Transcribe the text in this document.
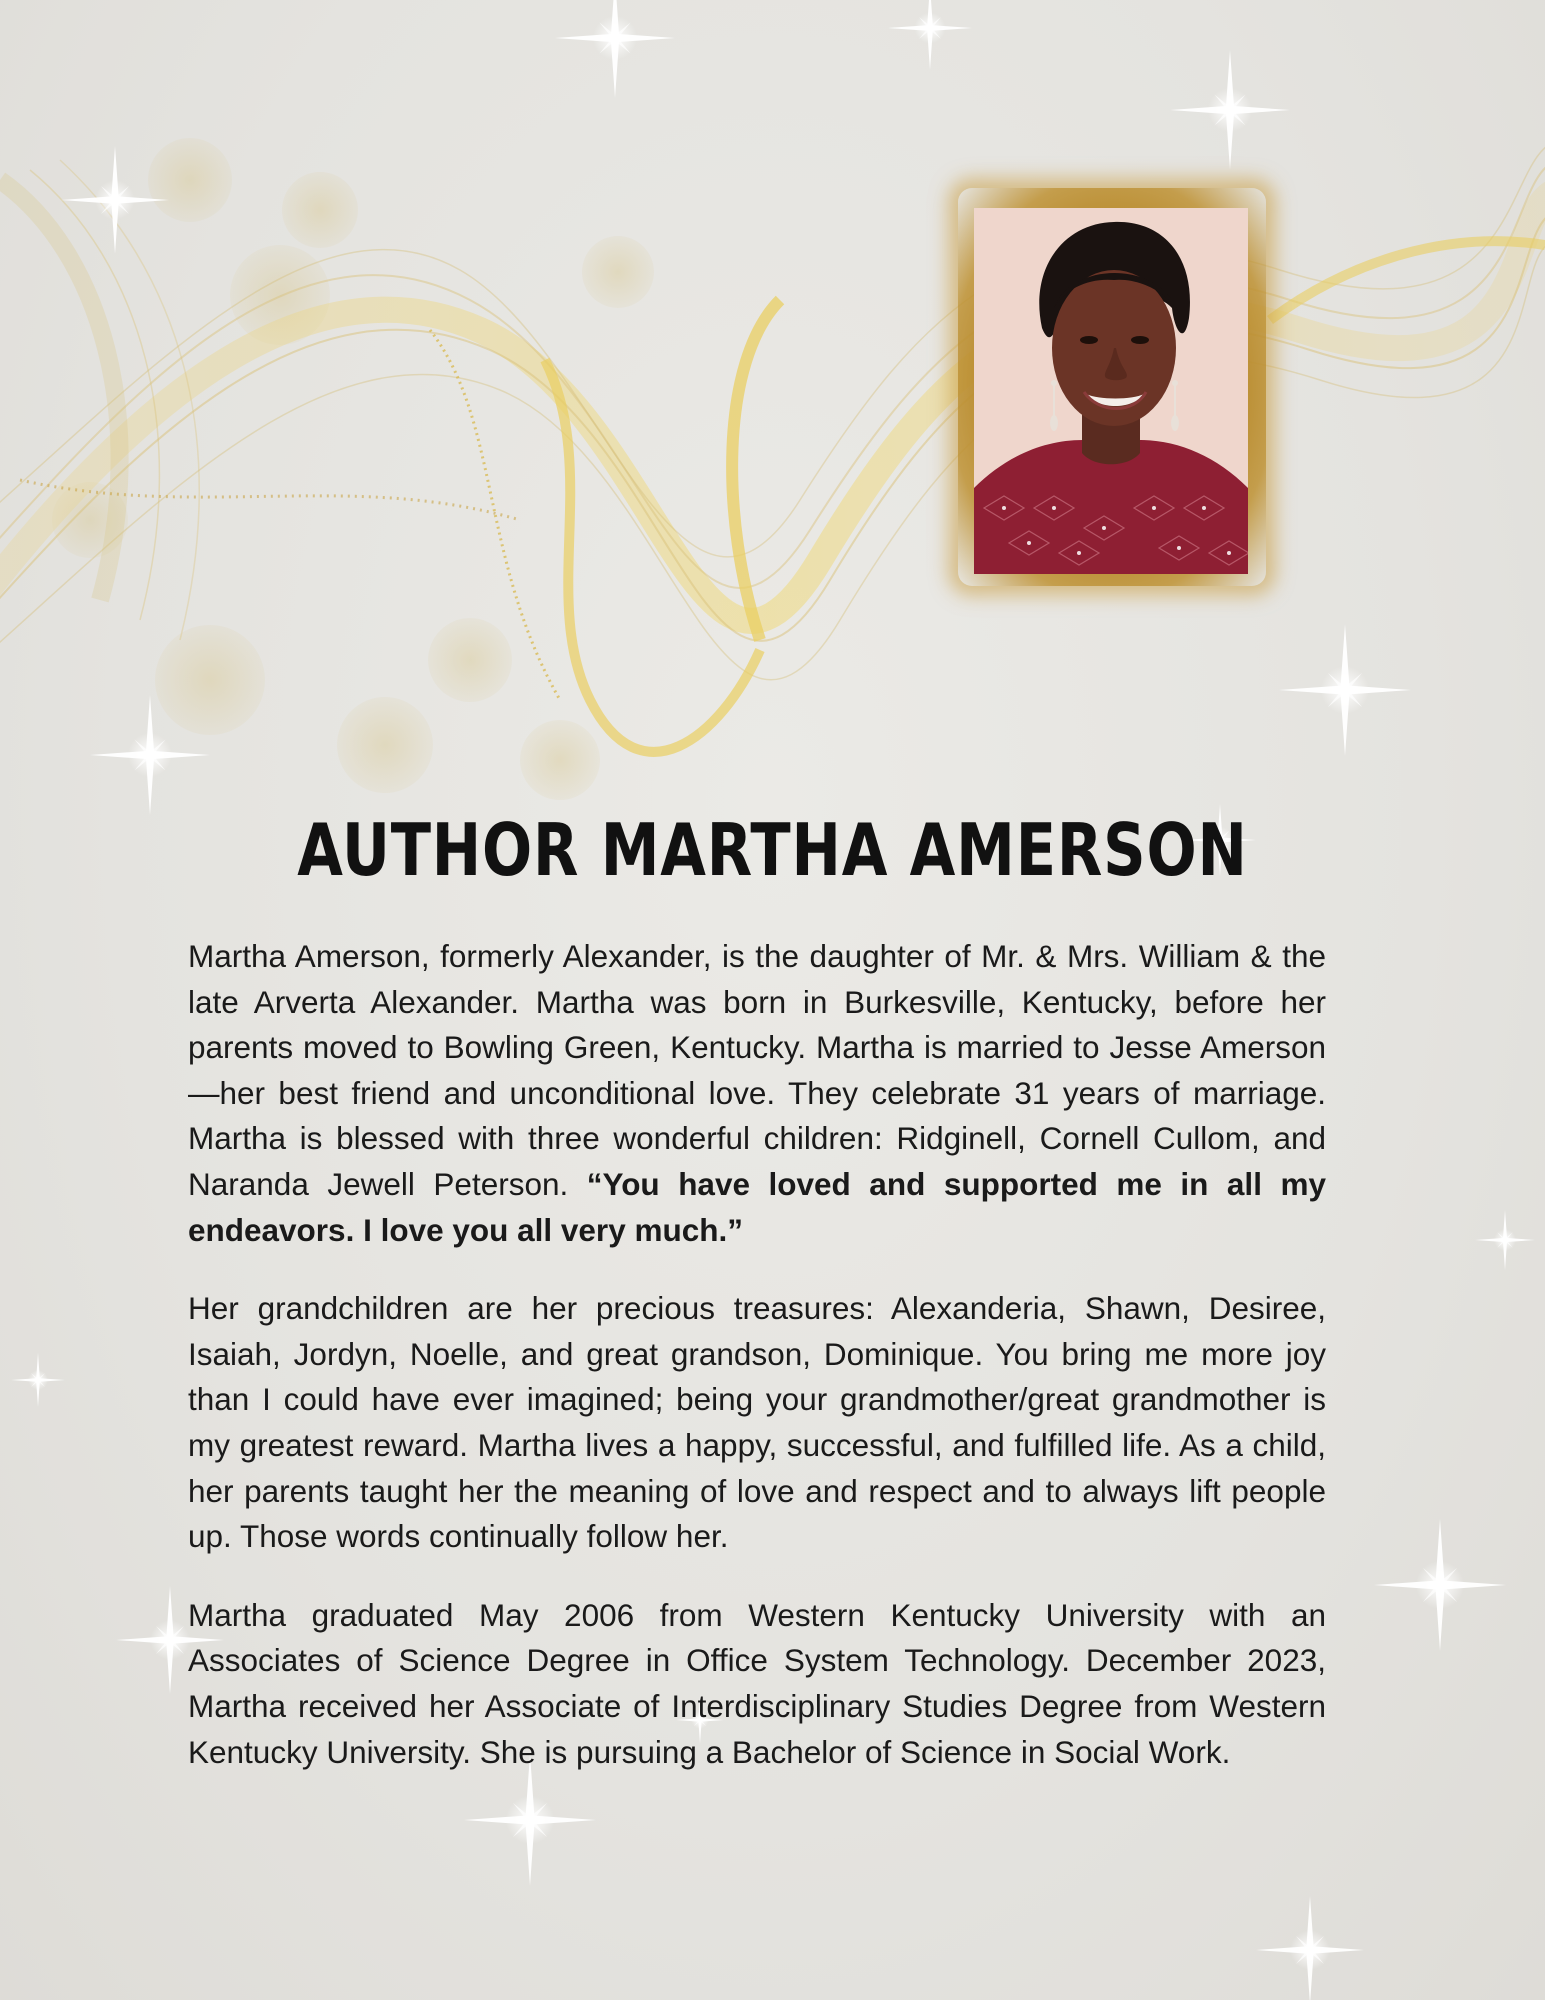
AUTHOR MARTHA AMERSON

Martha Amerson, formerly Alexander, is the daughter of Mr. & Mrs. William & the late Arverta Alexander. Martha was born in Burkesville, Kentucky, before her parents moved to Bowling Green, Kentucky. Martha is married to Jesse Amerson—her best friend and unconditional love. They celebrate 31 years of marriage. Martha is blessed with three wonderful children: Ridginell, Cornell Cullom, and Naranda Jewell Peterson. “You have loved and supported me in all my endeavors. I love you all very much.”

Her grandchildren are her precious treasures: Alexanderia, Shawn, Desiree, Isaiah, Jordyn, Noelle, and great grandson, Dominique. You bring me more joy than I could have ever imagined; being your grandmother/great grandmother is my greatest reward. Martha lives a happy, successful, and fulfilled life. As a child, her parents taught her the meaning of love and respect and to always lift people up. Those words continually follow her.

Martha graduated May 2006 from Western Kentucky University with an Associates of Science Degree in Office System Technology. December 2023, Martha received her Associate of Interdisciplinary Studies Degree from Western Kentucky University. She is pursuing a Bachelor of Science in Social Work.
